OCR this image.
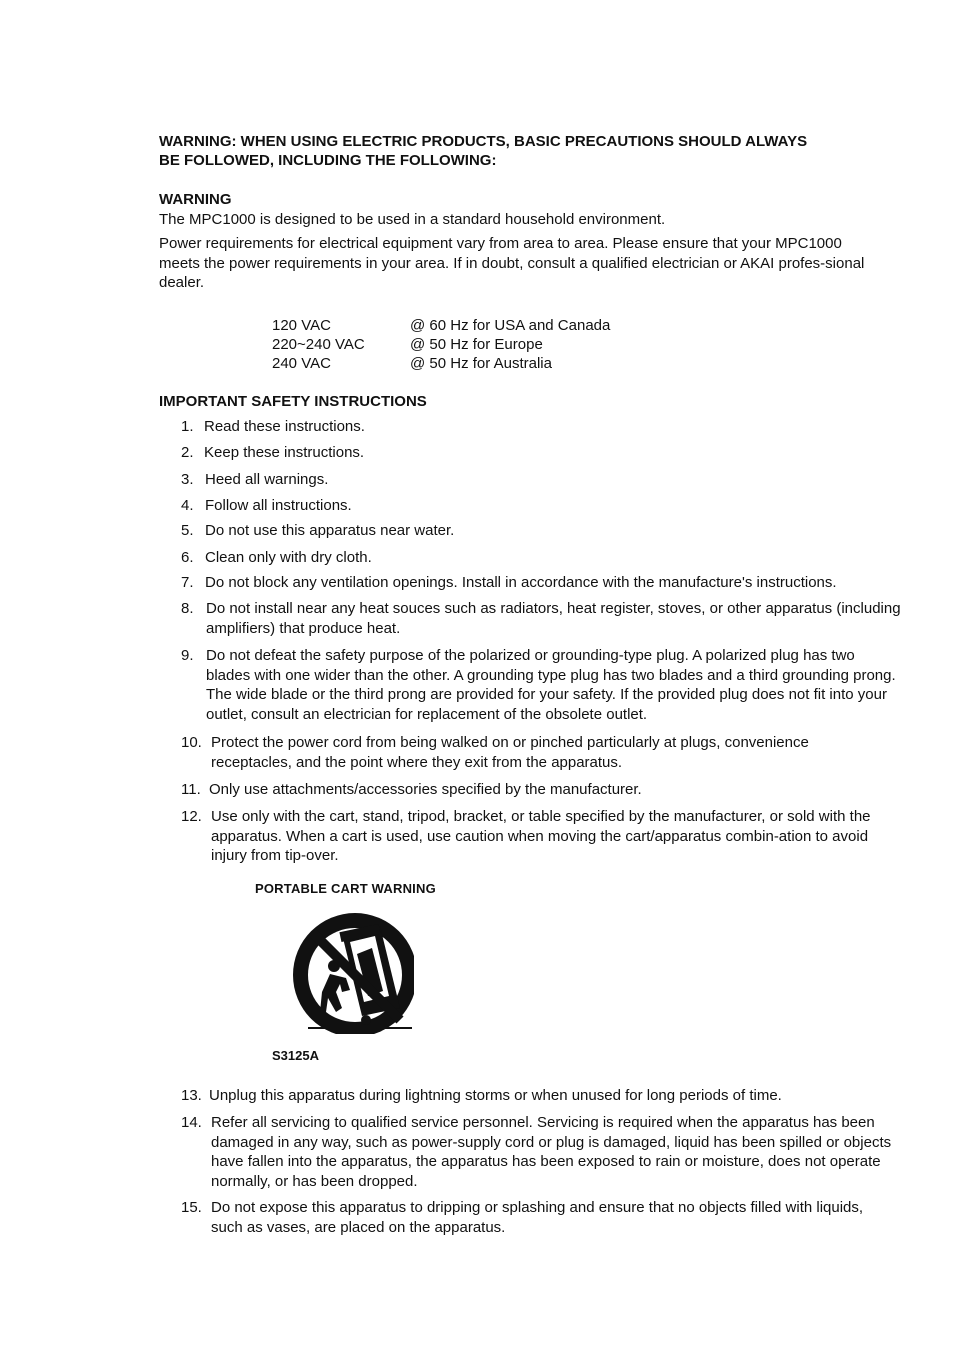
WARNING: WHEN USING ELECTRIC PRODUCTS, BASIC PRECAUTIONS SHOULD ALWAYS
BE FOLLOWED, INCLUDING THE FOLLOWING:
WARNING
The MPC1000 is designed to be used in a standard household environment.
Power requirements for electrical equipment vary from area to area. Please ensure that your MPC1000 meets the power requirements in your area. If in doubt, consult a qualified electrician or AKAI profes-sional dealer.
120 VAC	@ 60 Hz for USA and Canada
220~240 VAC	@ 50 Hz for Europe
240 VAC	@ 50 Hz for Australia
IMPORTANT SAFETY INSTRUCTIONS
1. Read these instructions.
2. Keep these instructions.
3. Heed all warnings.
4. Follow all instructions.
5. Do not use this apparatus near water.
6. Clean only with dry cloth.
7. Do not block any ventilation openings. Install in accordance with the manufacture's instructions.
8. Do not install near any heat souces such as radiators, heat register, stoves, or other apparatus (including amplifiers) that produce heat.
9. Do not defeat the safety purpose of the polarized or grounding-type plug. A polarized plug has two blades with one wider than the other. A grounding type plug has two blades and a third grounding prong. The wide blade or the third prong are provided for your safety. If the provided plug does not fit into your outlet, consult an electrician for replacement of the obsolete outlet.
10. Protect the power cord from being walked on or pinched particularly at plugs, convenience receptacles, and the point where they exit from the apparatus.
11. Only use attachments/accessories specified by the manufacturer.
12. Use only with the cart, stand, tripod, bracket, or table specified by the manufacturer, or sold with the apparatus. When a cart is used, use caution when moving the cart/apparatus combin-ation to avoid injury from tip-over.
PORTABLE CART WARNING
S3125A
13. Unplug this apparatus during lightning storms or when unused for long periods of time.
14. Refer all servicing to qualified service personnel. Servicing is required when the apparatus has been damaged in any way, such as power-supply cord or plug is damaged, liquid has been spilled or objects have fallen into the apparatus, the apparatus has been exposed to rain or moisture, does not operate normally, or has been dropped.
15. Do not expose this apparatus to dripping or splashing and ensure that no objects filled with liquids, such as vases, are placed on the apparatus.
